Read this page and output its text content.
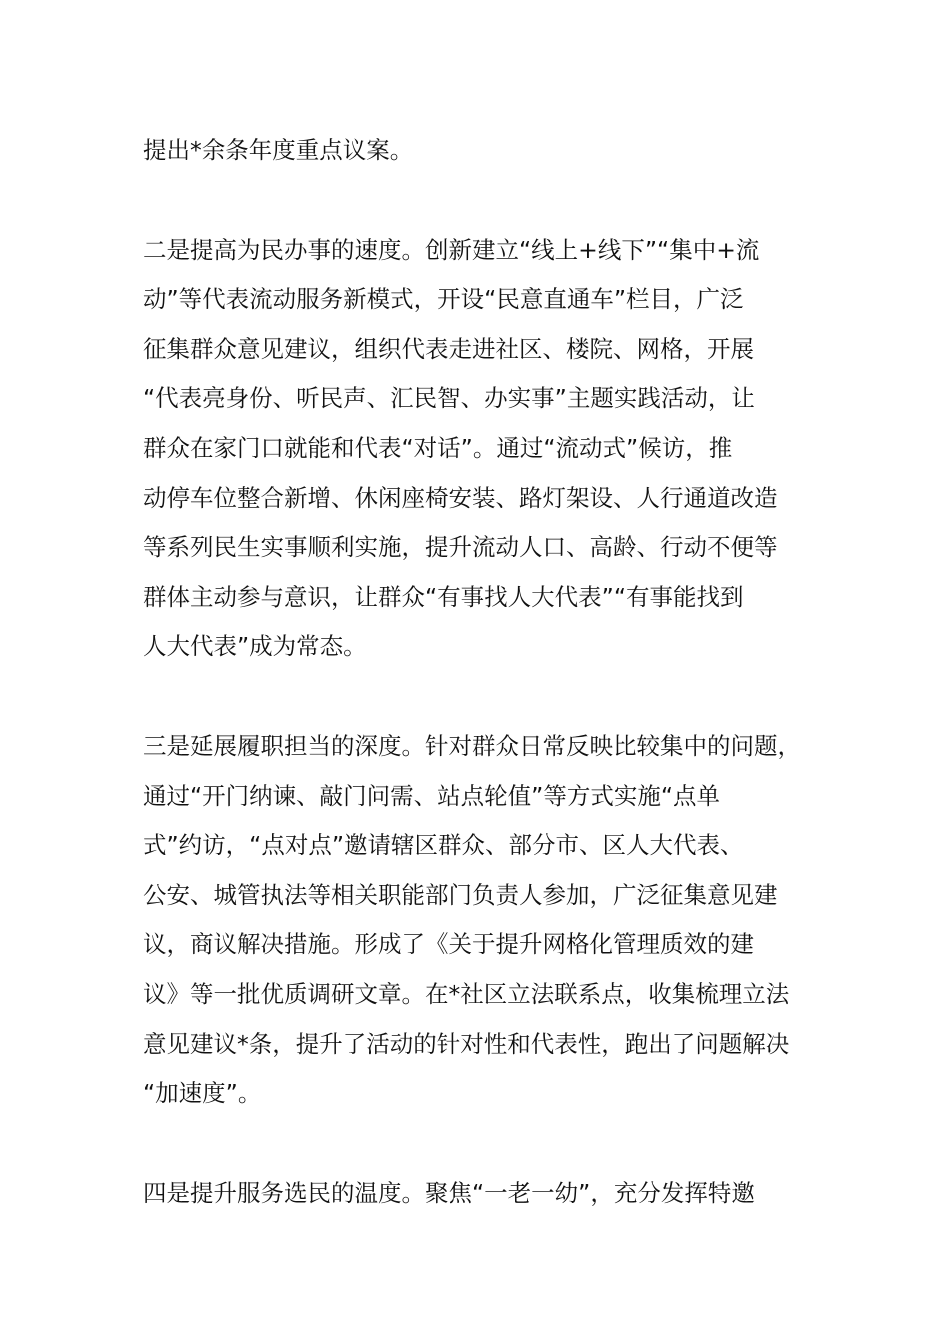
提出*余条年度重点议案。
二是提高为民办事的速度。创新建立“线上+线下”“集中+流
动”等代表流动服务新模式，开设“民意直通车”栏目，广泛
征集群众意见建议，组织代表走进社区、楼院、网格，开展
“代表亮身份、听民声、汇民智、办实事”主题实践活动，让
群众在家门口就能和代表“对话”。通过“流动式”候访，推
动停车位整合新增、休闲座椅安装、路灯架设、人行通道改造
等系列民生实事顺利实施，提升流动人口、高龄、行动不便等
群体主动参与意识，让群众“有事找人大代表”“有事能找到
人大代表”成为常态。
三是延展履职担当的深度。针对群众日常反映比较集中的问题，
通过“开门纳谏、敲门问需、站点轮值”等方式实施“点单
式”约访，“点对点”邀请辖区群众、部分市、区人大代表、
公安、城管执法等相关职能部门负责人参加，广泛征集意见建
议，商议解决措施。形成了《关于提升网格化管理质效的建
议》等一批优质调研文章。在*社区立法联系点，收集梳理立法
意见建议*条，提升了活动的针对性和代表性，跑出了问题解决
“加速度”。
四是提升服务选民的温度。聚焦“一老一幼”，充分发挥特邀
